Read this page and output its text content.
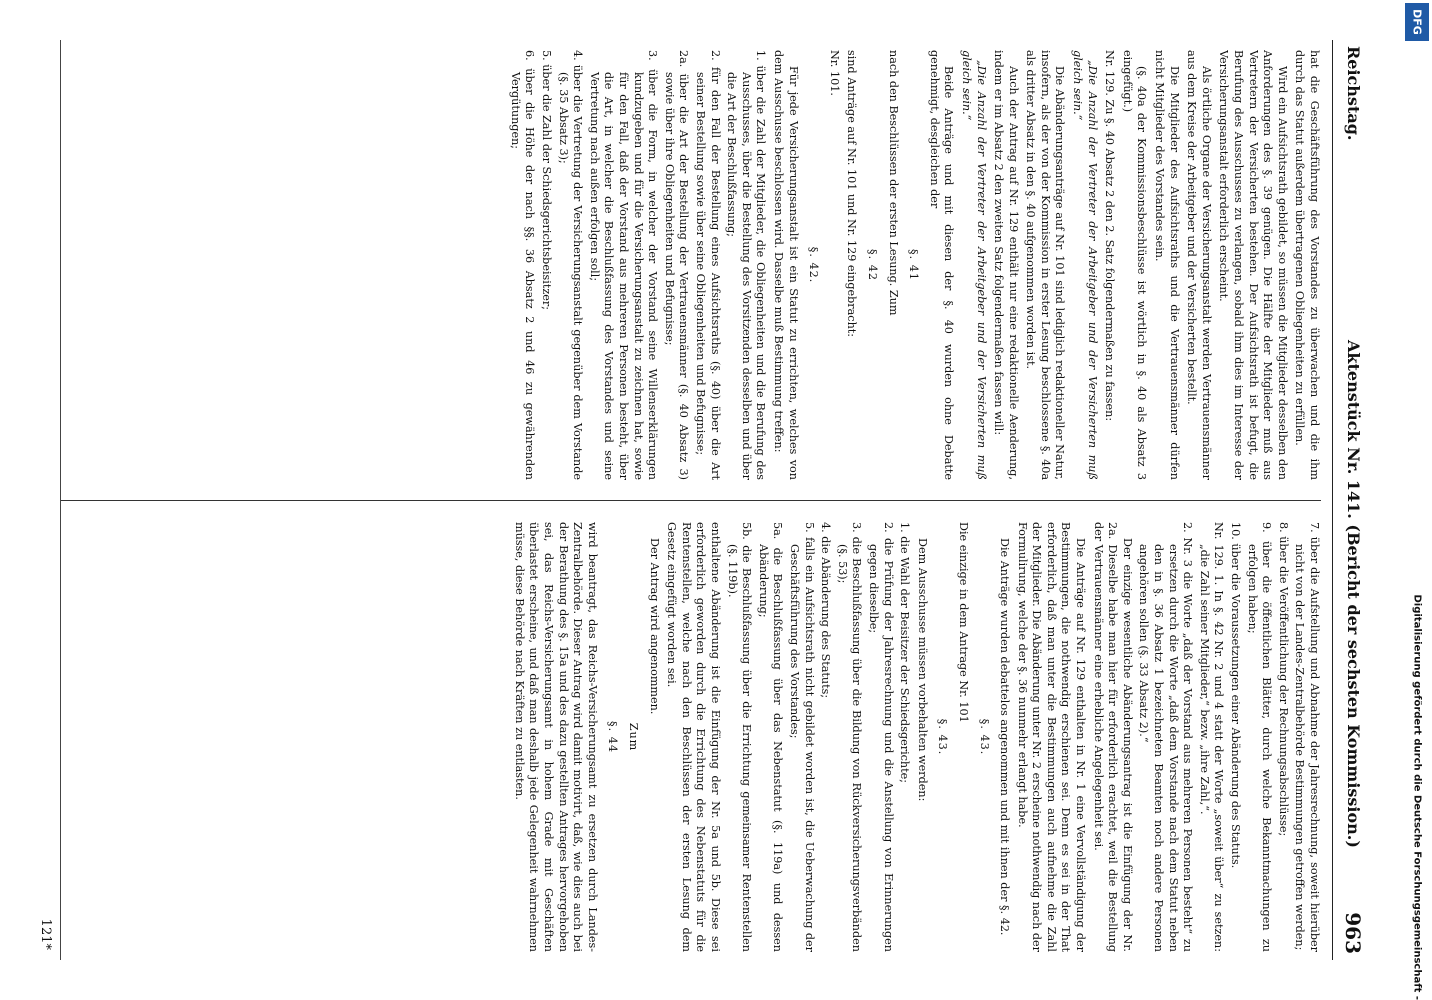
Digitalisierung gefördert durch die Deutsche Forschungsgemeinschaft -
DFG
Reichstag.
Aktenstück Nr. 141. (Bericht der sechsten Kommission.)
963

hat die Geschäftsführung des Vorstandes zu überwachen und die ihm durch das Statut außerdem übertragenen Obliegenheiten zu erfüllen.

Wird ein Aufsichtsrath gebildet, so müssen die Mitglieder desselben den Anforderungen des §. 39 genügen. Die Hälfte der Mitglieder muß aus Vertretern der Versicherten bestehen. Der Aufsichtsrath ist befugt, die Berufung des Ausschusses zu verlangen, sobald ihm dies im Interesse der Versicherungsanstalt erforderlich erscheint.

Als örtliche Organe der Versicherungsanstalt werden Vertrauensmänner aus dem Kreise der Arbeitgeber und der Versicherten bestellt.

Die Mitglieder des Aufsichtsraths und die Vertrauensmänner dürfen nicht Mitglieder des Vorstandes sein.

(§. 40a der Kommissionsbeschlüsse ist wörtlich in §. 40 als Absatz 3 eingefügt.)

Nr. 129. Zu §. 40 Absatz 2 den 2. Satz folgendermaßen zu fassen:

„Die Anzahl der Vertreter der Arbeitgeber und der Versicherten muß gleich sein.“

Die Abänderungsanträge auf Nr. 101 sind lediglich redaktioneller Natur, insofern, als der von der Kommission in erster Lesung beschlossene §. 40a als dritter Absatz in den §. 40 aufgenommen worden ist.

Auch der Antrag auf Nr. 129 enthält nur eine redaktionelle Aenderung, indem er im Absatz 2 den zweiten Satz folgendermaßen fassen will:

„Die Anzahl der Vertreter der Arbeitgeber und der Versicherten muß gleich sein.“

Beide Anträge und mit diesen der §. 40 wurden ohne Debatte genehmigt, desgleichen der

§. 41

nach den Beschlüssen der ersten Lesung. Zum

§. 42

sind Anträge auf Nr. 101 und Nr. 129 eingebracht:

Nr. 101.

§. 42.

Für jede Versicherungsanstalt ist ein Statut zu errichten, welches von dem Ausschusse beschlossen wird. Dasselbe muß Bestimmung treffen:

1. über die Zahl der Mitglieder, die Obliegenheiten und die Berufung des Ausschusses, über die Bestellung des Vorsitzenden desselben und über die Art der Beschlußfassung;

2. für den Fall der Bestellung eines Aufsichtsraths (§. 40) über die Art seiner Bestellung sowie über seine Obliegenheiten und Befugnisse;

2a. über die Art der Bestellung der Vertrauensmänner (§. 40 Absatz 3) sowie über ihre Obliegenheiten und Befugnisse;

3. über die Form, in welcher der Vorstand seine Willenserklärungen kundzugeben und für die Versicherungsanstalt zu zeichnen hat, sowie für den Fall, daß der Vorstand aus mehreren Personen besteht, über die Art, in welcher die Beschlußfassung des Vorstandes und seine Vertretung nach außen erfolgen soll;

4. über die Vertretung der Versicherungsanstalt gegenüber dem Vorstande (§. 35 Absatz 3);

5. über die Zahl der Schiedsgerichtsbeisitzer;

6. über die Höhe der nach §§. 36 Absatz 2 und 46 zu gewährenden Vergütungen;

7. über die Aufstellung und Abnahme der Jahresrechnung, soweit hierüber nicht von der Landes-Zentralbehörde Bestimmungen getroffen werden;

8. über die Veröffentlichung der Rechnungsabschlüsse;

9. über die öffentlichen Blätter, durch welche Bekanntmachungen zu erfolgen haben;

10. über die Voraussetzungen einer Abänderung des Statuts.

Nr. 129. 1. In §. 42 Nr. 2 und 4 statt der Worte „soweit über“ zu setzen: „die Zahl seiner Mitglieder,“ bezw. „ihre Zahl,“.

2. Nr. 3 die Worte „daß der Vorstand aus mehreren Personen besteht“ zu ersetzen durch die Worte „daß dem Vorstande nach dem Statut neben den in §. 36 Absatz 1 bezeichneten Beamten noch andere Personen angehören sollen (§. 33 Absatz 2).“

Der einzige wesentliche Abänderungsantrag ist die Einfügung der Nr. 2a. Dieselbe habe man hier für erforderlich erachtet, weil die Bestellung der Vertrauensmänner eine erhebliche Angelegenheit sei.

Die Anträge auf Nr. 129 enthalten in Nr. 1 eine Vervollständigung der Bestimmungen, die nothwendig erschienen sei. Denn es sei in der That erforderlich, daß man unter die Bestimmungen auch aufnehme die Zahl der Mitglieder. Die Abänderung unter Nr. 2 erscheine nothwendig nach der Formulirung, welche der §. 36 nunmehr erlangt habe.

Die Anträge wurden debattelos angenommen und mit ihnen der §. 42.

§. 43.

Die einzige in dem Antrage Nr. 101

§. 43.

Dem Ausschusse müssen vorbehalten werden:

1. die Wahl der Beisitzer der Schiedsgerichte;

2. die Prüfung der Jahresrechnung und die Anstellung von Erinnerungen gegen dieselbe;

3. die Beschlußfassung über die Bildung von Rückversicherungsverbänden (§. 53);

4. die Abänderung des Statuts;

5. falls ein Aufsichtsrath nicht gebildet worden ist, die Ueberwachung der Geschäftsführung des Vorstandes;

5a. die Beschlußfassung über das Nebenstatut (§. 119a) und dessen Abänderung;

5b. die Beschlußfassung über die Errichtung gemeinsamer Rentenstellen (§. 119b).

enthaltene Abänderung ist die Einfügung der Nr. 5a und 5b. Diese sei erforderlich geworden durch die Errichtung des Nebenstatuts für die Rentenstellen, welche nach den Beschlüssen der ersten Lesung dem Gesetz eingefügt worden sei.

Der Antrag wird angenommen.

Zum

§. 44

wird beantragt, das Reichs-Versicherungsamt zu ersetzen durch Landes-Zentralbehörde. Dieser Antrag wird damit motivirt, daß, wie dies auch bei der Berathung des §. 15a und des dazu gestellten Antrages hervorgehoben sei, das Reichs-Versicherungsamt in hohem Grade mit Geschäften überlastet erscheine, und daß man deshalb jede Gelegenheit wahrnehmen müsse, diese Behörde nach Kräften zu entlasten.

121*
